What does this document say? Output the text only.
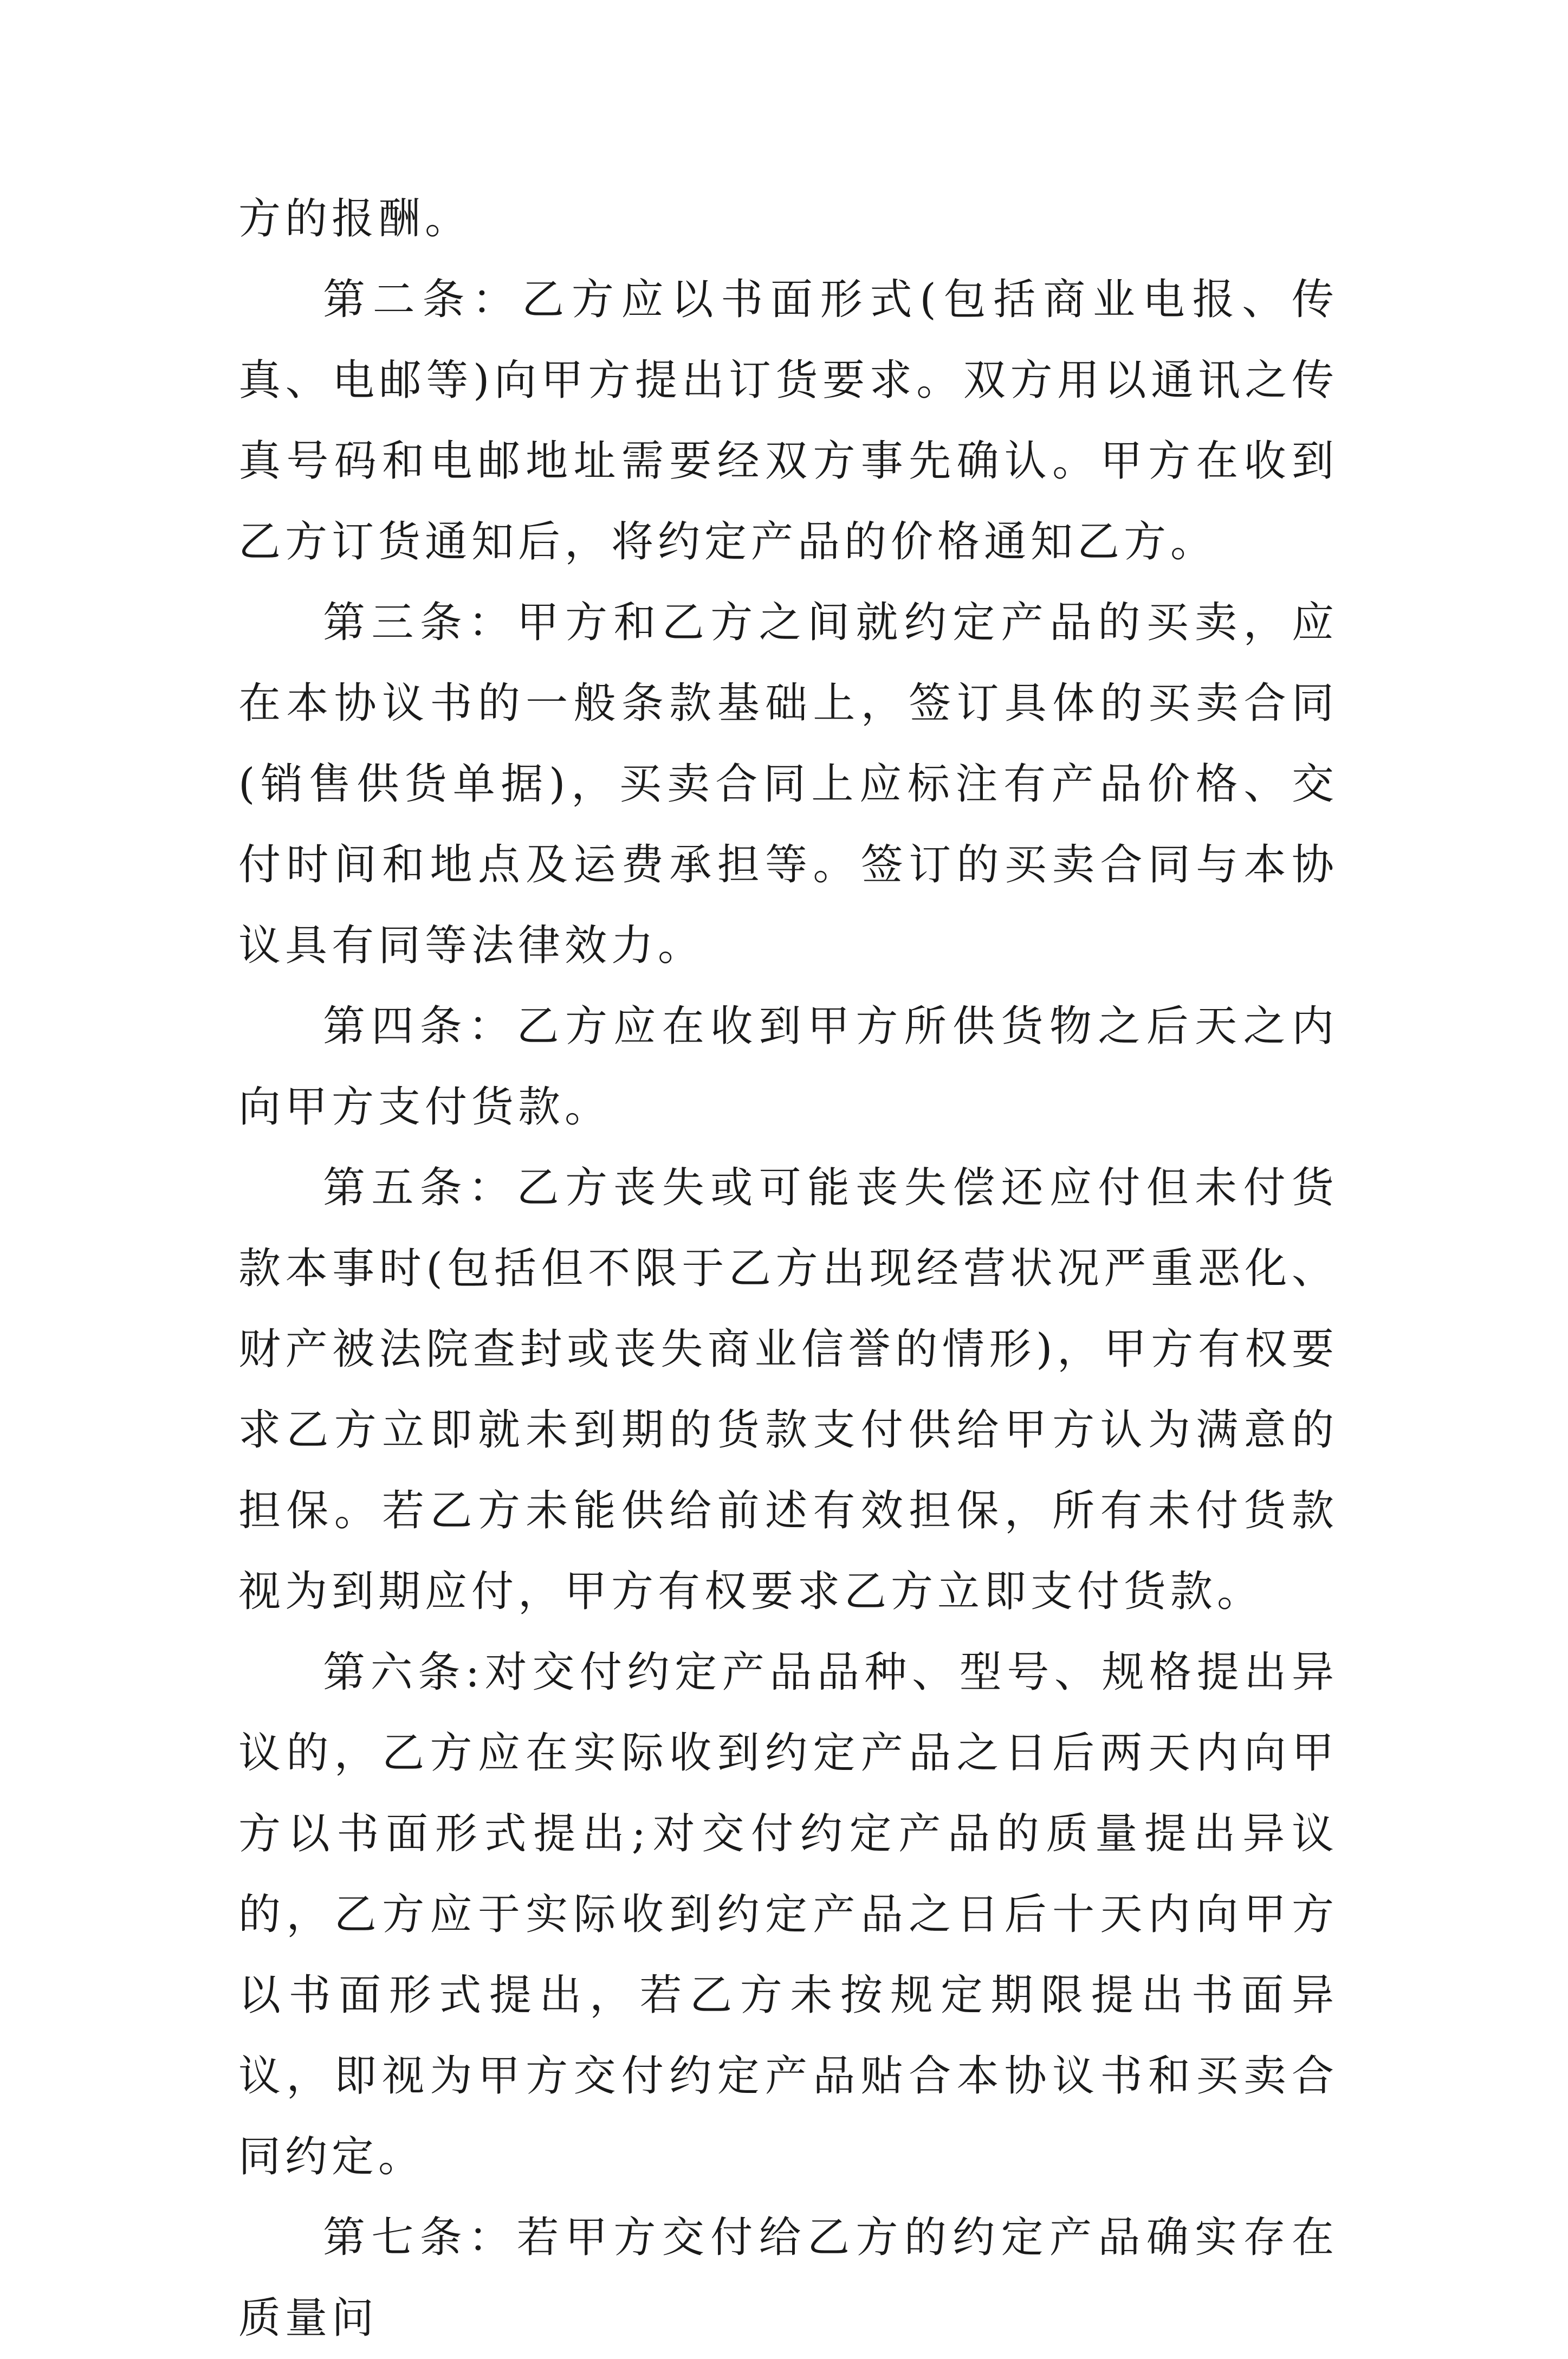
方的报酬。

第二条：乙方应以书面形式(包括商业电报、传真、电邮等)向甲方提出订货要求。双方用以通讯之传真号码和电邮地址需要经双方事先确认。甲方在收到乙方订货通知后，将约定产品的价格通知乙方。

第三条：甲方和乙方之间就约定产品的买卖，应在本协议书的一般条款基础上，签订具体的买卖合同(销售供货单据)，买卖合同上应标注有产品价格、交付时间和地点及运费承担等。签订的买卖合同与本协议具有同等法律效力。

第四条：乙方应在收到甲方所供货物之后天之内向甲方支付货款。

第五条：乙方丧失或可能丧失偿还应付但未付货款本事时(包括但不限于乙方出现经营状况严重恶化、财产被法院查封或丧失商业信誉的情形)，甲方有权要求乙方立即就未到期的货款支付供给甲方认为满意的担保。若乙方未能供给前述有效担保，所有未付货款视为到期应付，甲方有权要求乙方立即支付货款。

第六条:对交付约定产品品种、型号、规格提出异议的，乙方应在实际收到约定产品之日后两天内向甲方以书面形式提出;对交付约定产品的质量提出异议的，乙方应于实际收到约定产品之日后十天内向甲方以书面形式提出，若乙方未按规定期限提出书面异议，即视为甲方交付约定产品贴合本协议书和买卖合同约定。

第七条：若甲方交付给乙方的约定产品确实存在质量问
